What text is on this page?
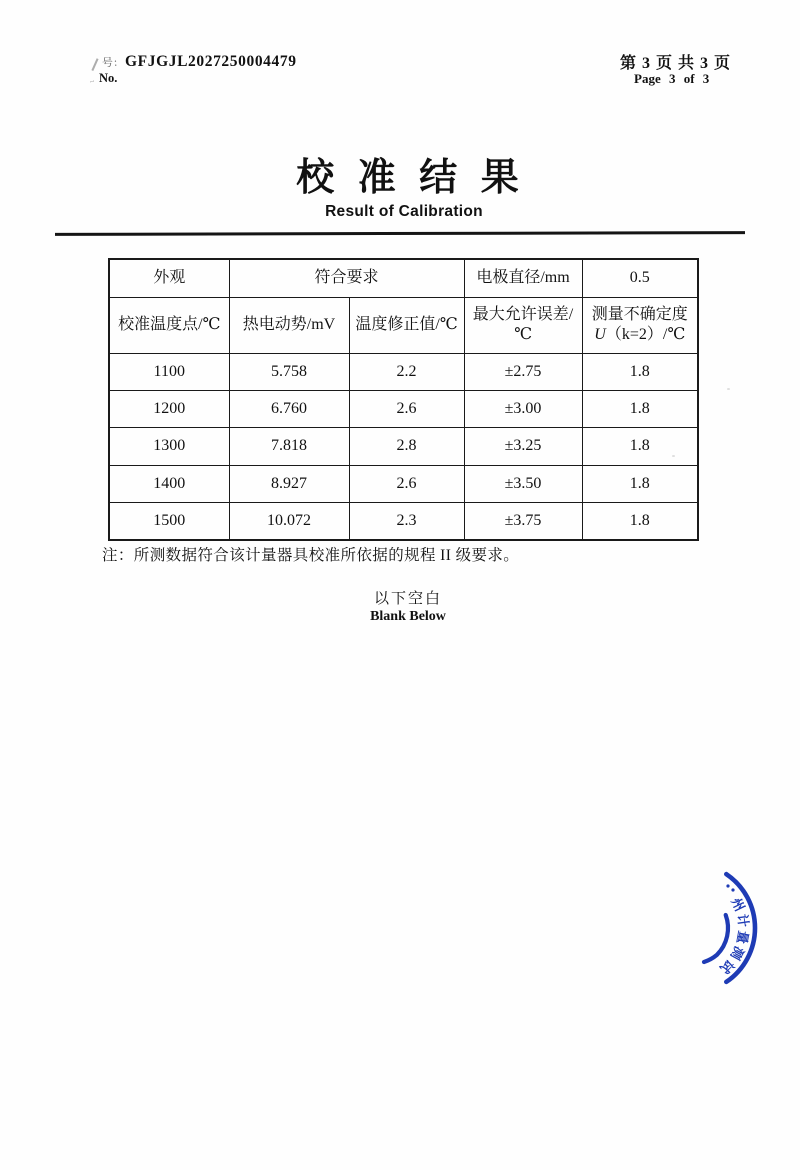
号:
~ No.
GFJGJL2027250004479	第 3 页 共 3 页
Page 3 of 3
校 准 结 果
Result of Calibration
外观	符合要求		电极直径/mm	0.5
校准温度点/℃	热电动势/mV	温度修正值/℃	最大允许误差/℃	测量不确定度
U（k=2）/℃

1100	5.758	2.2	±2.75	1.8
1200	6.760	2.6	±3.00	1.8
1300	7.818	2.8	±3.25	1.8
1400	8.927	2.6	±3.50	1.8
1500	10.072	2.3	±3.75	1.8
注：所测数据符合该计量器具校准所依据的规程 II 级要求。
以下空白
Blank Below
州
计
量
测
试
